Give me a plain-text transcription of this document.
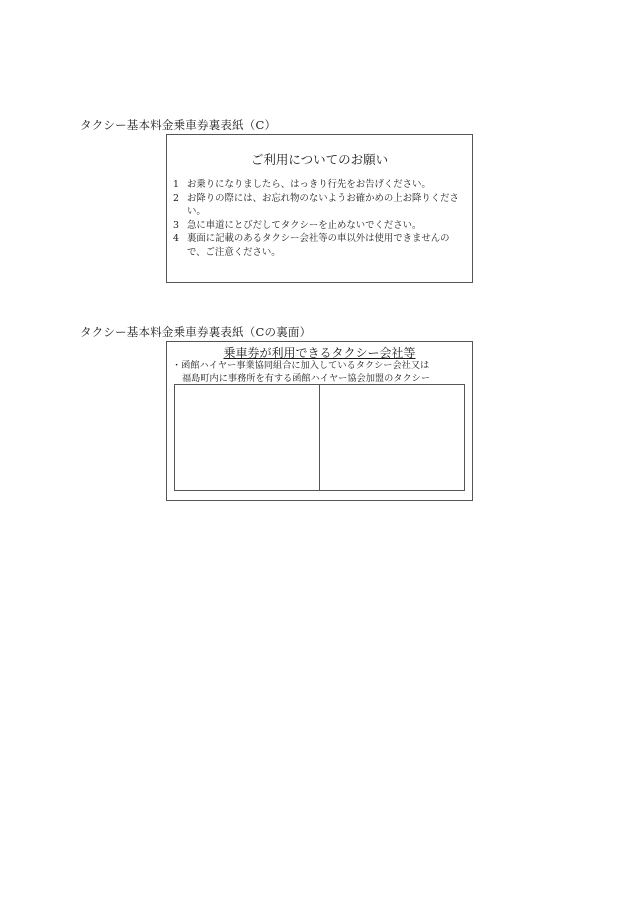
タクシー基本料金乗車券裏表紙（C）
ご利用についてのお願い
1 お乗りになりましたら、はっきり行先をお告げください。
2 お降りの際には、お忘れ物のないようお確かめの上お降りください。
3 急に車道にとびだしてタクシーを止めないでください。
4 裏面に記載のあるタクシー会社等の車以外は使用できませんので、ご注意ください。
タクシー基本料金乗車券裏表紙（Cの裏面）
乗車券が利用できるタクシー会社等
・函館ハイヤー事業協同組合に加入しているタクシー会社又は
福島町内に事務所を有する函館ハイヤー協会加盟のタクシー
